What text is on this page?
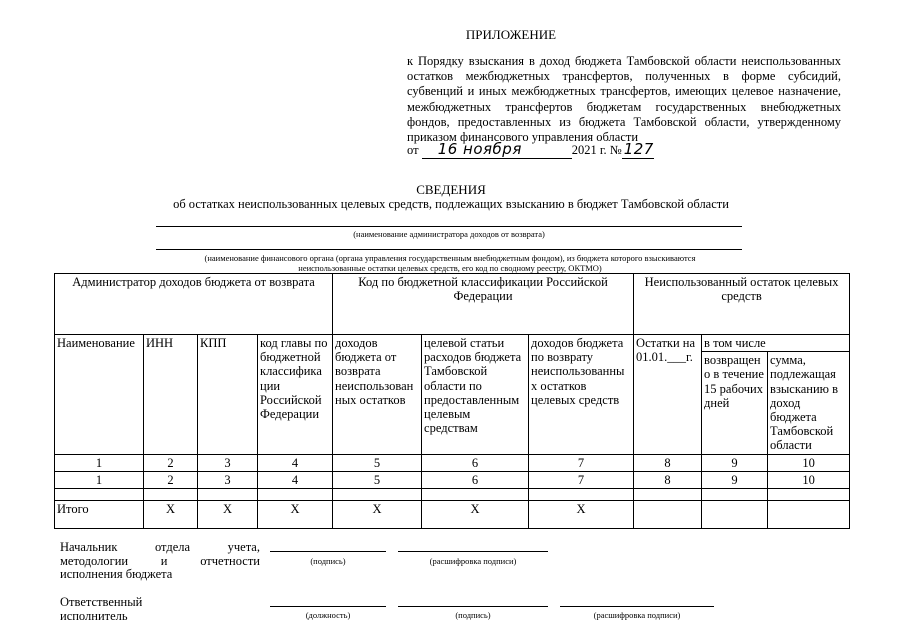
ПРИЛОЖЕНИЕ
к Порядку взыскания в доход бюджета Тамбовской области неиспользованных остатков межбюджетных трансфертов, полученных в форме субсидий, субвенций и иных межбюджетных трансфертов, имеющих целевое назначение, межбюджетных трансфертов бюджетам государственных внебюджетных фондов, предоставленных из бюджета Тамбовской области, утвержденному приказом финансового управления области
от 16 ноября	2021 г. № 127
СВЕДЕНИЯ
об остатках неиспользованных целевых средств, подлежащих взысканию в бюджет Тамбовской области
(наименование администратора доходов от возврата)
(наименование финансового органа (органа управления государственным внебюджетным фондом), из бюджета которого взыскиваются
неиспользованные остатки целевых средств, его код по сводному реестру, ОКТМО)
Администратор доходов бюджета от возврата				Код по бюджетной классификации Российской Федерации			Неиспользованный остаток целевых средств		
Наименование	ИНН	КПП	код главы по бюджетной классифика ции Российской Федерации	доходов бюджета от возврата неиспользован ных остатков	целевой статьи расходов бюджета Тамбовской области по предоставленным целевым средствам	доходов бюджета по возврату неиспользованны х остатков целевых средств	Остатки на 01.01.___г.	в том числе	
								возвращен о в течение 15 рабочих дней	сумма, подлежащая взысканию в доход бюджета Тамбовской области
1	2	3	4	5	6	7	8	9	10
1	2	3	4	5	6	7	8	9	10

Итого	Х	Х	Х	Х	Х	Х			
Начальник отдела учета, методологии и отчетности исполнения бюджета
(подпись)	(расшифровка подписи)
Ответственный исполнитель	(должность)	(подпись)	(расшифровка подписи)
